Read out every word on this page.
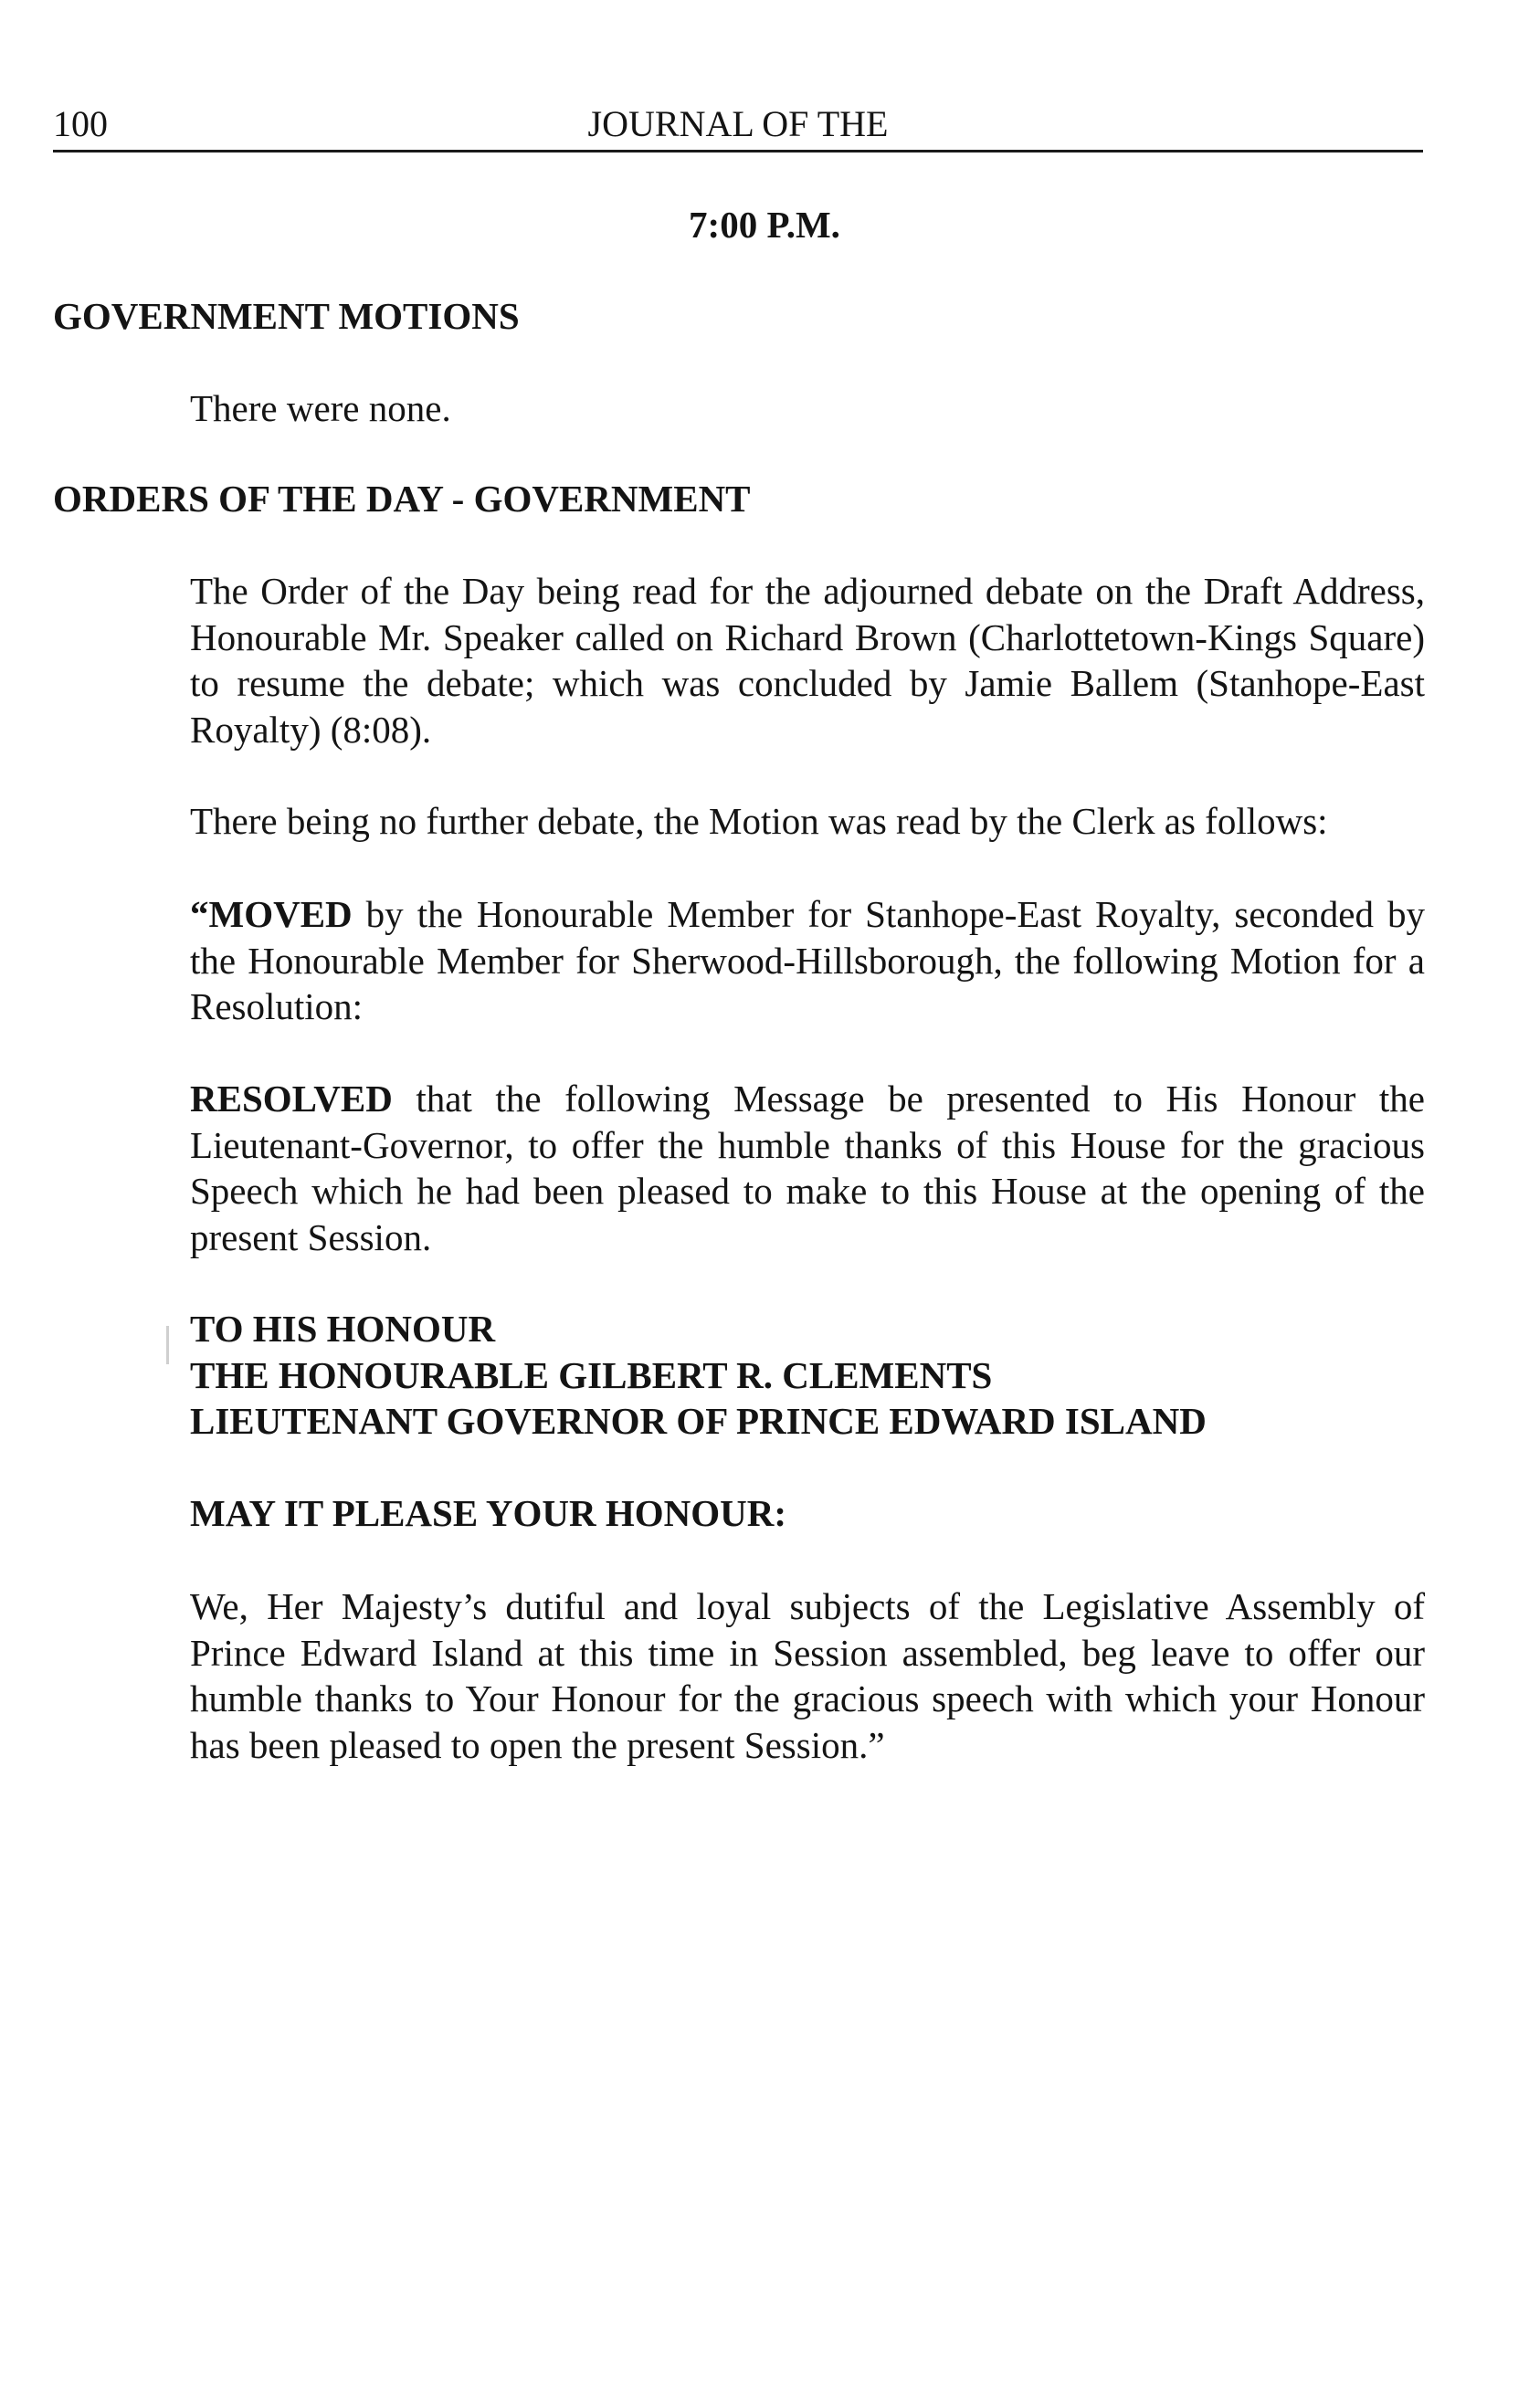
100	JOURNAL OF THE
7:00 P.M.
GOVERNMENT MOTIONS
There were none.
ORDERS OF THE DAY - GOVERNMENT
The Order of the Day being read for the adjourned debate on the Draft Address, Honourable Mr. Speaker called on Richard Brown (Charlottetown-Kings Square) to resume the debate; which was concluded by Jamie Ballem (Stanhope-East Royalty) (8:08).
There being no further debate, the Motion was read by the Clerk as follows:
“MOVED by the Honourable Member for Stanhope-East Royalty, seconded by the Honourable Member for Sherwood-Hillsborough, the following Motion for a Resolution:
RESOLVED that the following Message be presented to His Honour the Lieutenant-Governor, to offer the humble thanks of this House for the gracious Speech which he had been pleased to make to this House at the opening of the present Session.
TO HIS HONOUR
THE HONOURABLE GILBERT R. CLEMENTS
LIEUTENANT GOVERNOR OF PRINCE EDWARD ISLAND
MAY IT PLEASE YOUR HONOUR:
We, Her Majesty’s dutiful and loyal subjects of the Legislative Assembly of Prince Edward Island at this time in Session assembled, beg leave to offer our humble thanks to Your Honour for the gracious speech with which your Honour has been pleased to open the present Session.”
